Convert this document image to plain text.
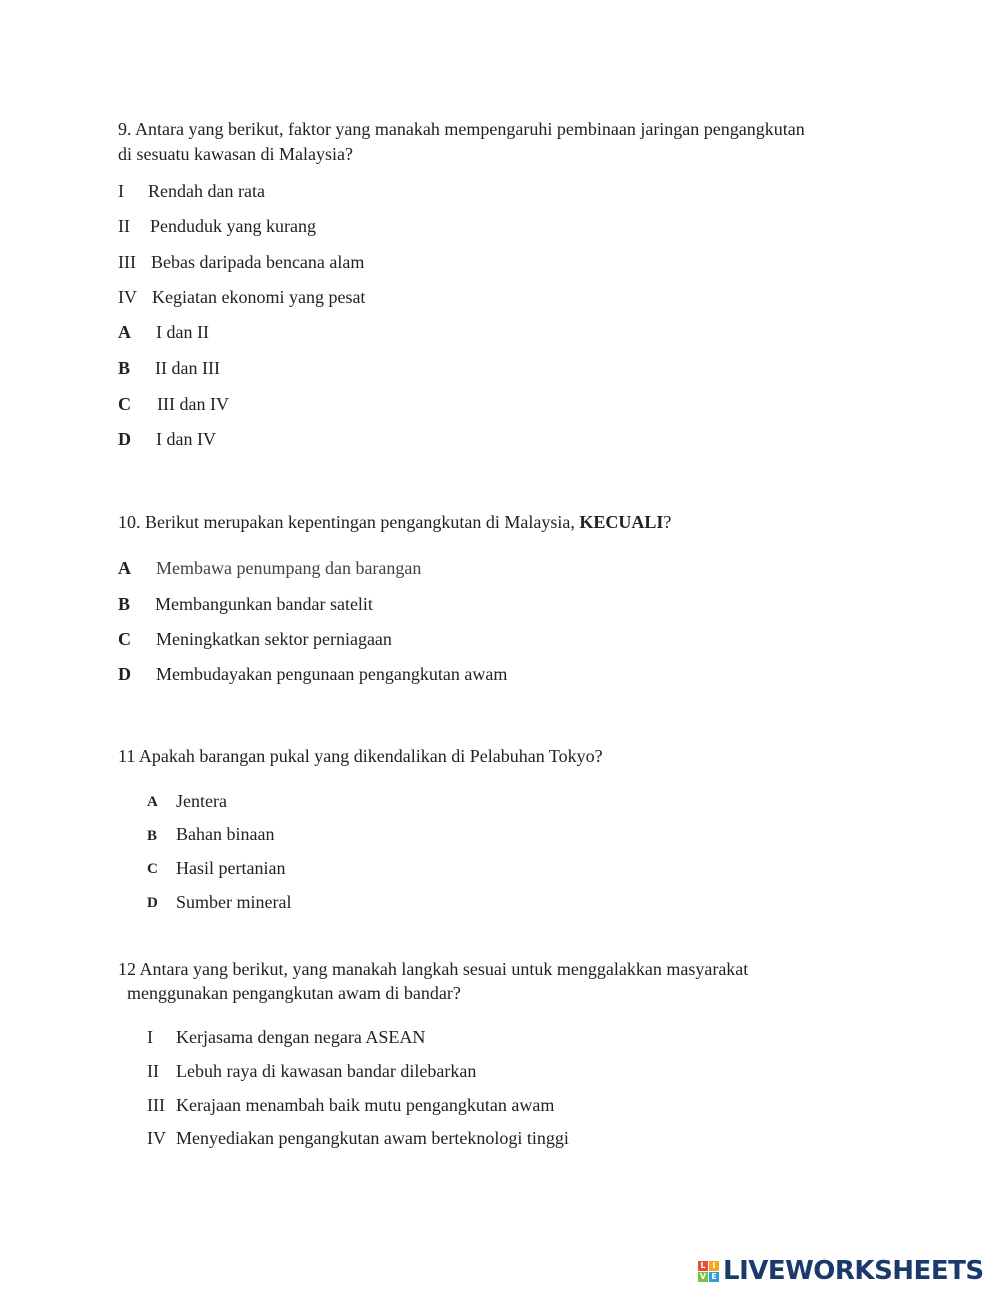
9. Antara yang berikut, faktor yang manakah mempengaruhi pembinaan jaringan pengangkutan
di sesuatu kawasan di Malaysia?
I Rendah dan rata
II Penduduk yang kurang
III Bebas daripada bencana alam
IV Kegiatan ekonomi yang pesat
A I dan II
B II dan III
C III dan IV
D I dan IV
10. Berikut merupakan kepentingan pengangkutan di Malaysia, KECUALI?
A Membawa penumpang dan barangan
B Membangunkan bandar satelit
C Meningkatkan sektor perniagaan
D Membudayakan pengunaan pengangkutan awam
11 Apakah barangan pukal yang dikendalikan di Pelabuhan Tokyo?
A Jentera
B Bahan binaan
C Hasil pertanian
D Sumber mineral
12 Antara yang berikut, yang manakah langkah sesuai untuk menggalakkan masyarakat
menggunakan pengangkutan awam di bandar?
I Kerjasama dengan negara ASEAN
II Lebuh raya di kawasan bandar dilebarkan
III Kerajaan menambah baik mutu pengangkutan awam
IV Menyediakan pengangkutan awam berteknologi tinggi
L I
V E LIVEWORKSHEETS
